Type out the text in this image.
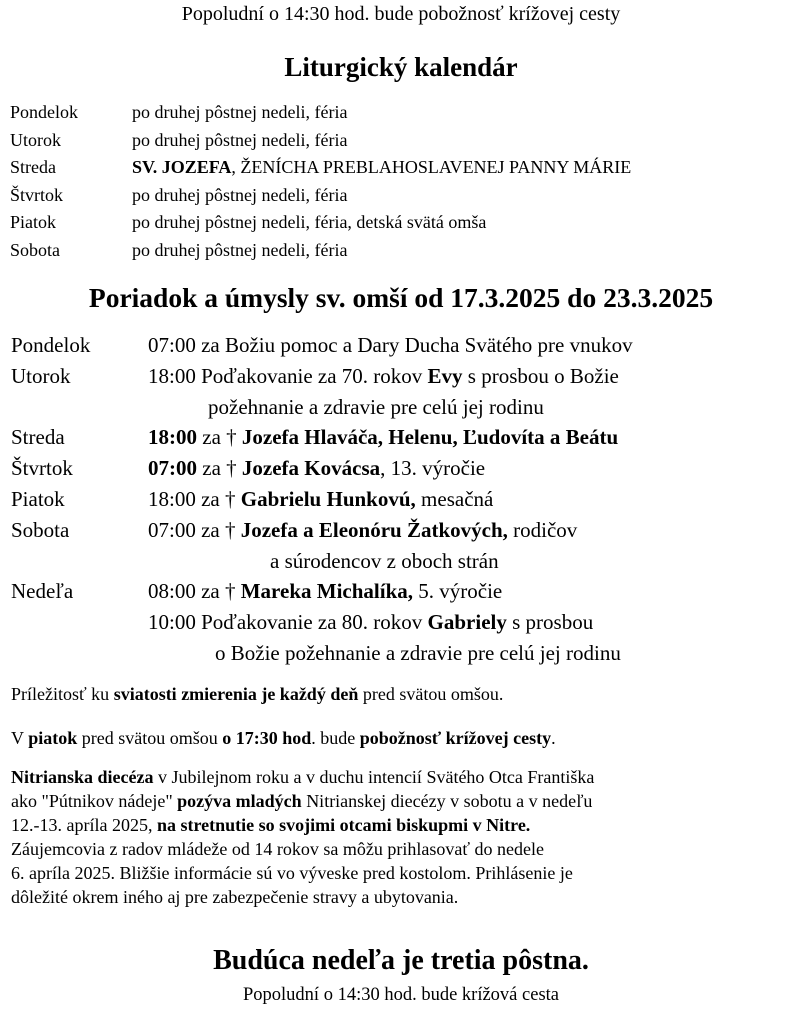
Popoludní o 14:30 hod. bude pobožnosť krížovej cesty
Liturgický kalendár
Pondelok	po druhej pôstnej nedeli, féria
Utorok	po druhej pôstnej nedeli, féria
Streda	SV. JOZEFA, ŽENÍCHA PREBLAHOSLAVENEJ PANNY MÁRIE
Štvrtok	po druhej pôstnej nedeli, féria
Piatok	po druhej pôstnej nedeli, féria, detská svätá omša
Sobota	po druhej pôstnej nedeli, féria
Poriadok a úmysly sv. omší od 17.3.2025 do 23.3.2025
Pondelok	07:00 za Božiu pomoc a Dary Ducha Svätého pre vnukov
Utorok	18:00 Poďakovanie za 70. rokov Evy s prosbou o Božie
požehnanie a zdravie pre celú jej rodinu
Streda	18:00 za † Jozefa Hlaváča, Helenu, Ľudovíta a Beátu
Štvrtok	07:00 za † Jozefa Kovácsa, 13. výročie
Piatok	18:00 za † Gabrielu Hunkovú, mesačná
Sobota	07:00 za † Jozefa a Eleonóru Žatkových, rodičov
a súrodencov z oboch strán
Nedeľa	08:00 za † Mareka Michalíka, 5. výročie
10:00 Poďakovanie za 80. rokov Gabriely s prosbou
o Božie požehnanie a zdravie pre celú jej rodinu
Príležitosť ku sviatosti zmierenia je každý deň pred svätou omšou.
V piatok pred svätou omšou o 17:30 hod. bude pobožnosť krížovej cesty.
Nitrianska diecéza v Jubilejnom roku a v duchu intencií Svätého Otca Františka
ako "Pútnikov nádeje" pozýva mladých Nitrianskej diecézy v sobotu a v nedeľu
12.-13. apríla 2025, na stretnutie so svojimi otcami biskupmi v Nitre.
Záujemcovia z radov mládeže od 14 rokov sa môžu prihlasovať do nedele
6. apríla 2025. Bližšie informácie sú vo výveske pred kostolom. Prihlásenie je
dôležité okrem iného aj pre zabezpečenie stravy a ubytovania.
Budúca nedeľa je tretia pôstna.
Popoludní o 14:30 hod. bude krížová cesta
